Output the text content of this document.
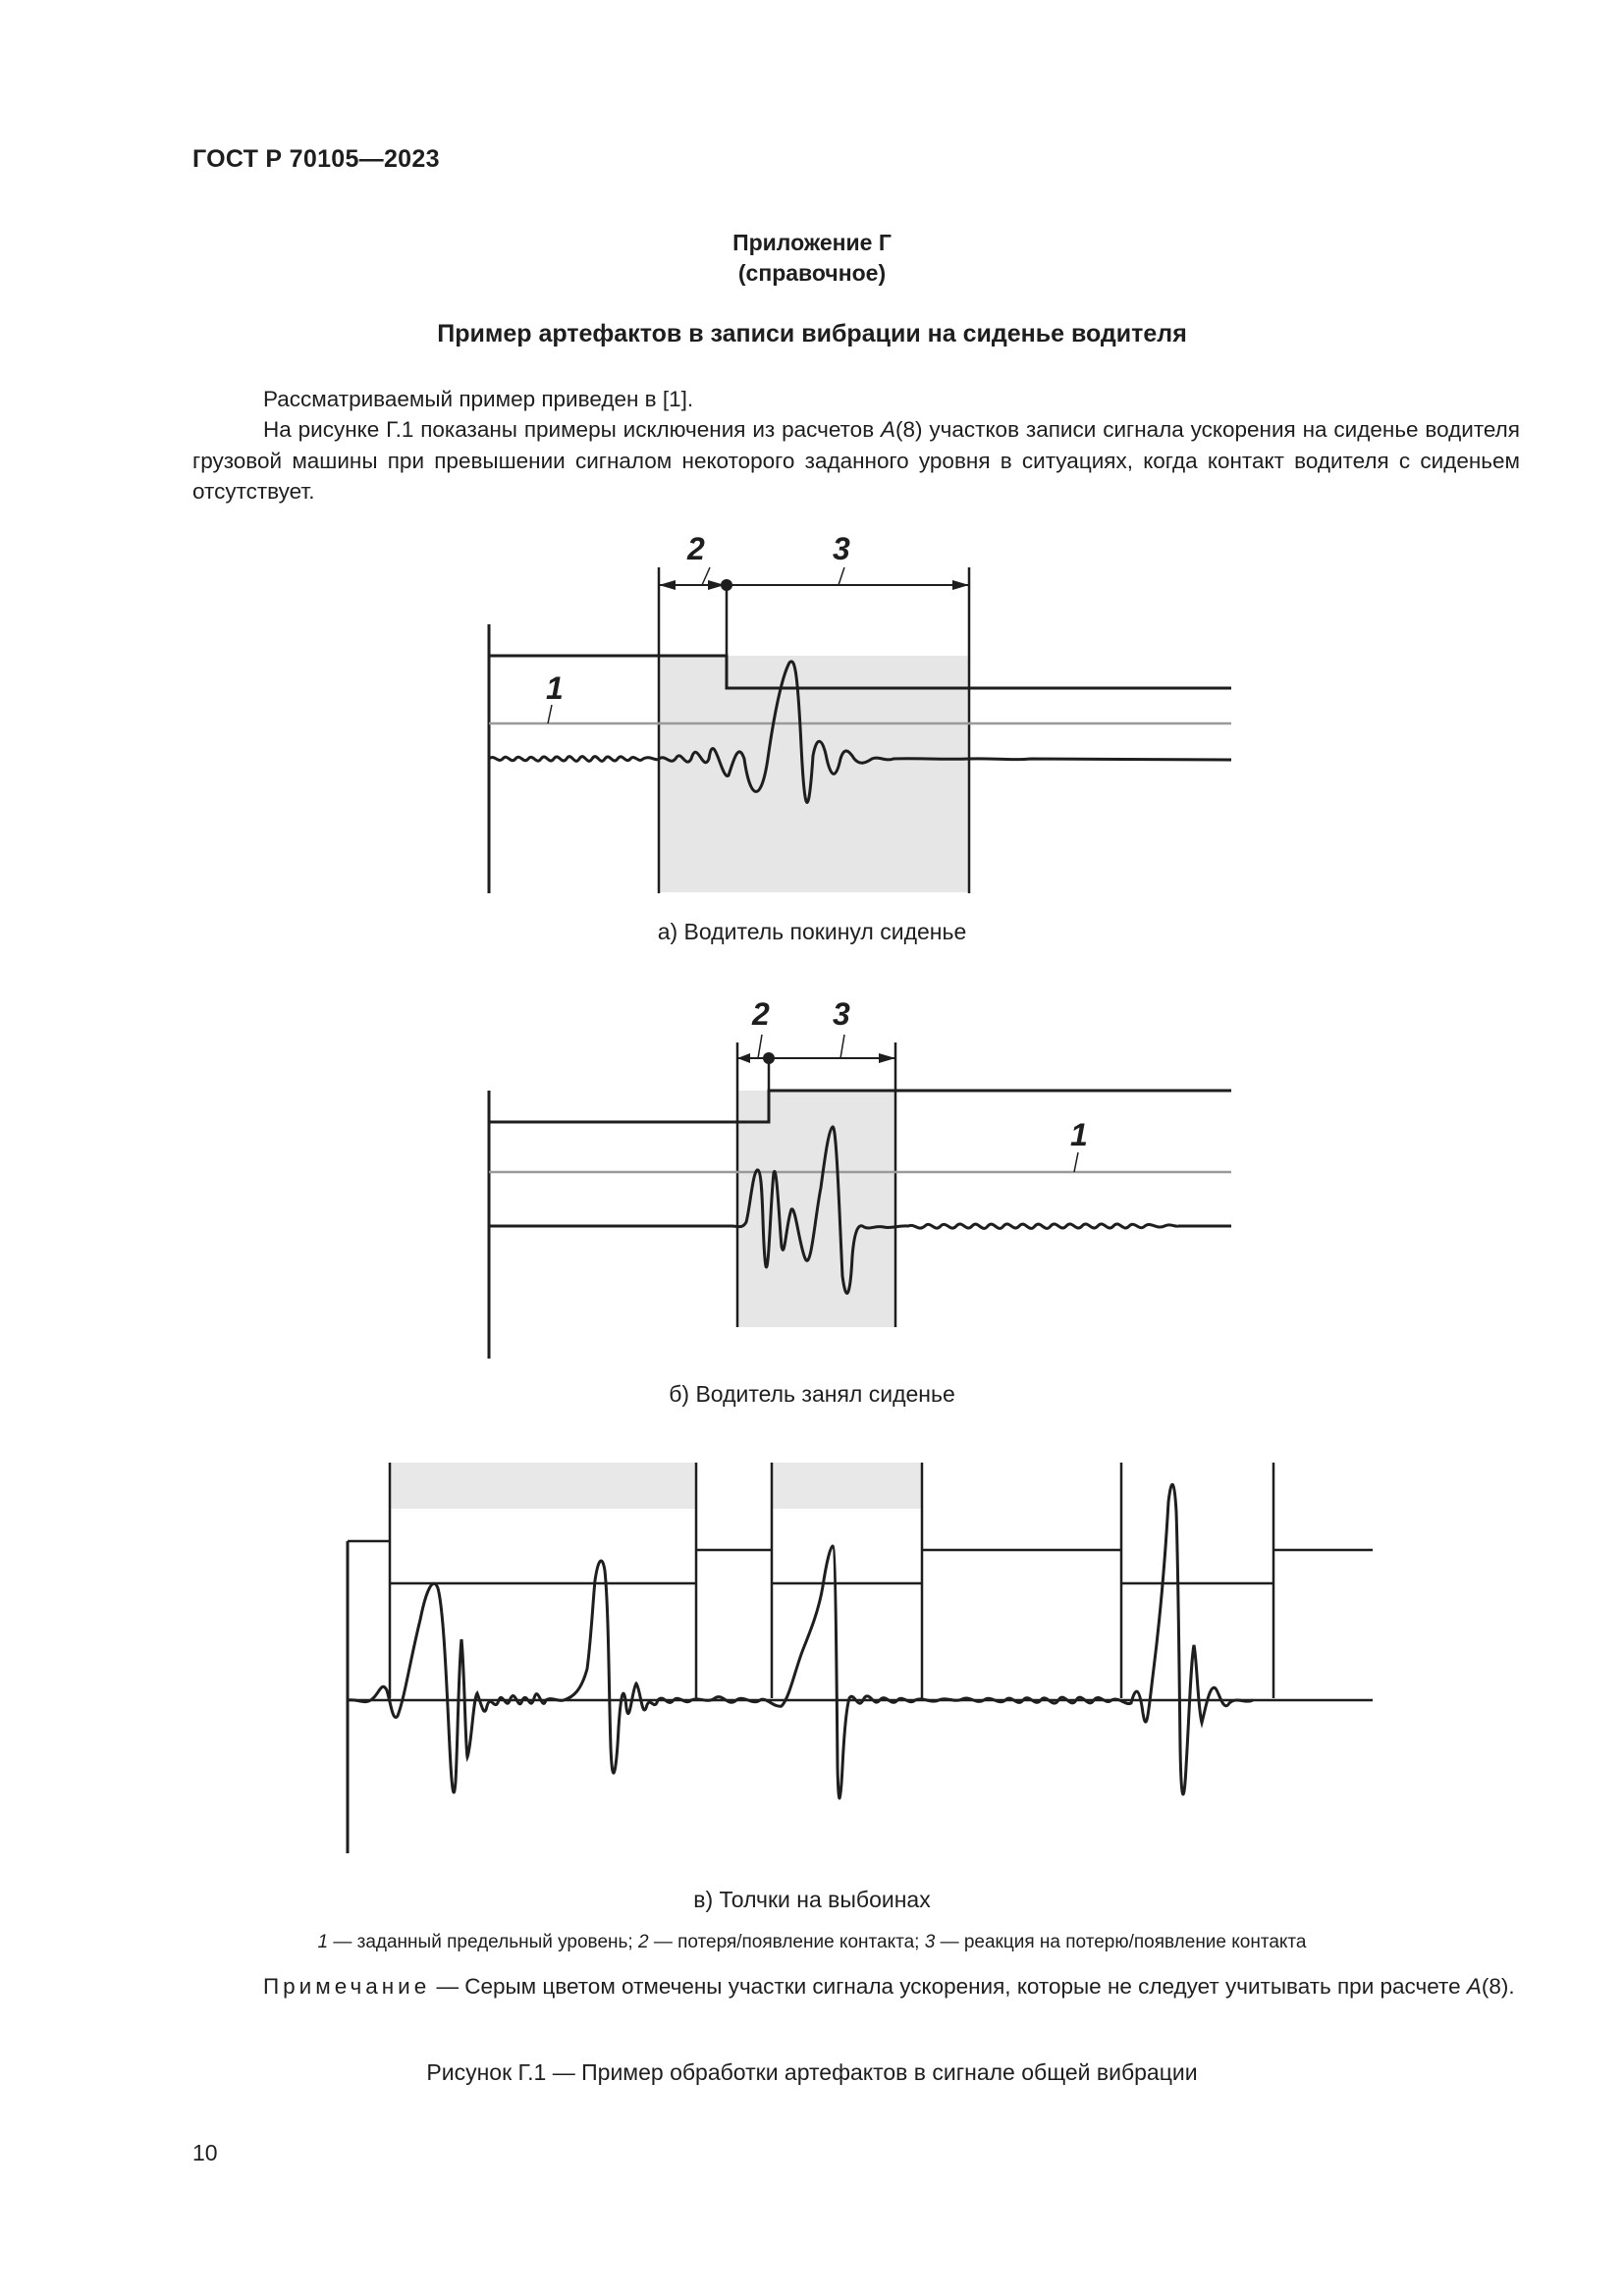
ГОСТ Р 70105—2023
Приложение Г
(справочное)
Пример артефактов в записи вибрации на сиденье водителя
Рассматриваемый пример приведен в [1].
На рисунке Г.1 показаны примеры исключения из расчетов A(8) участков записи сигнала ускорения на сиденье водителя грузовой машины при превышении сигналом некоторого заданного уровня в ситуациях, когда контакт водителя с сиденьем отсутствует.
2	3
1
а) Водитель покинул сиденье
2 3
1
б) Водитель занял сиденье
в) Толчки на выбоинах
1 — заданный предельный уровень; 2 — потеря/появление контакта; 3 — реакция на потерю/появление контакта
Примечание — Серым цветом отмечены участки сигнала ускорения, которые не следует учитывать при расчете A(8).
Рисунок Г.1 — Пример обработки артефактов в сигнале общей вибрации
10
